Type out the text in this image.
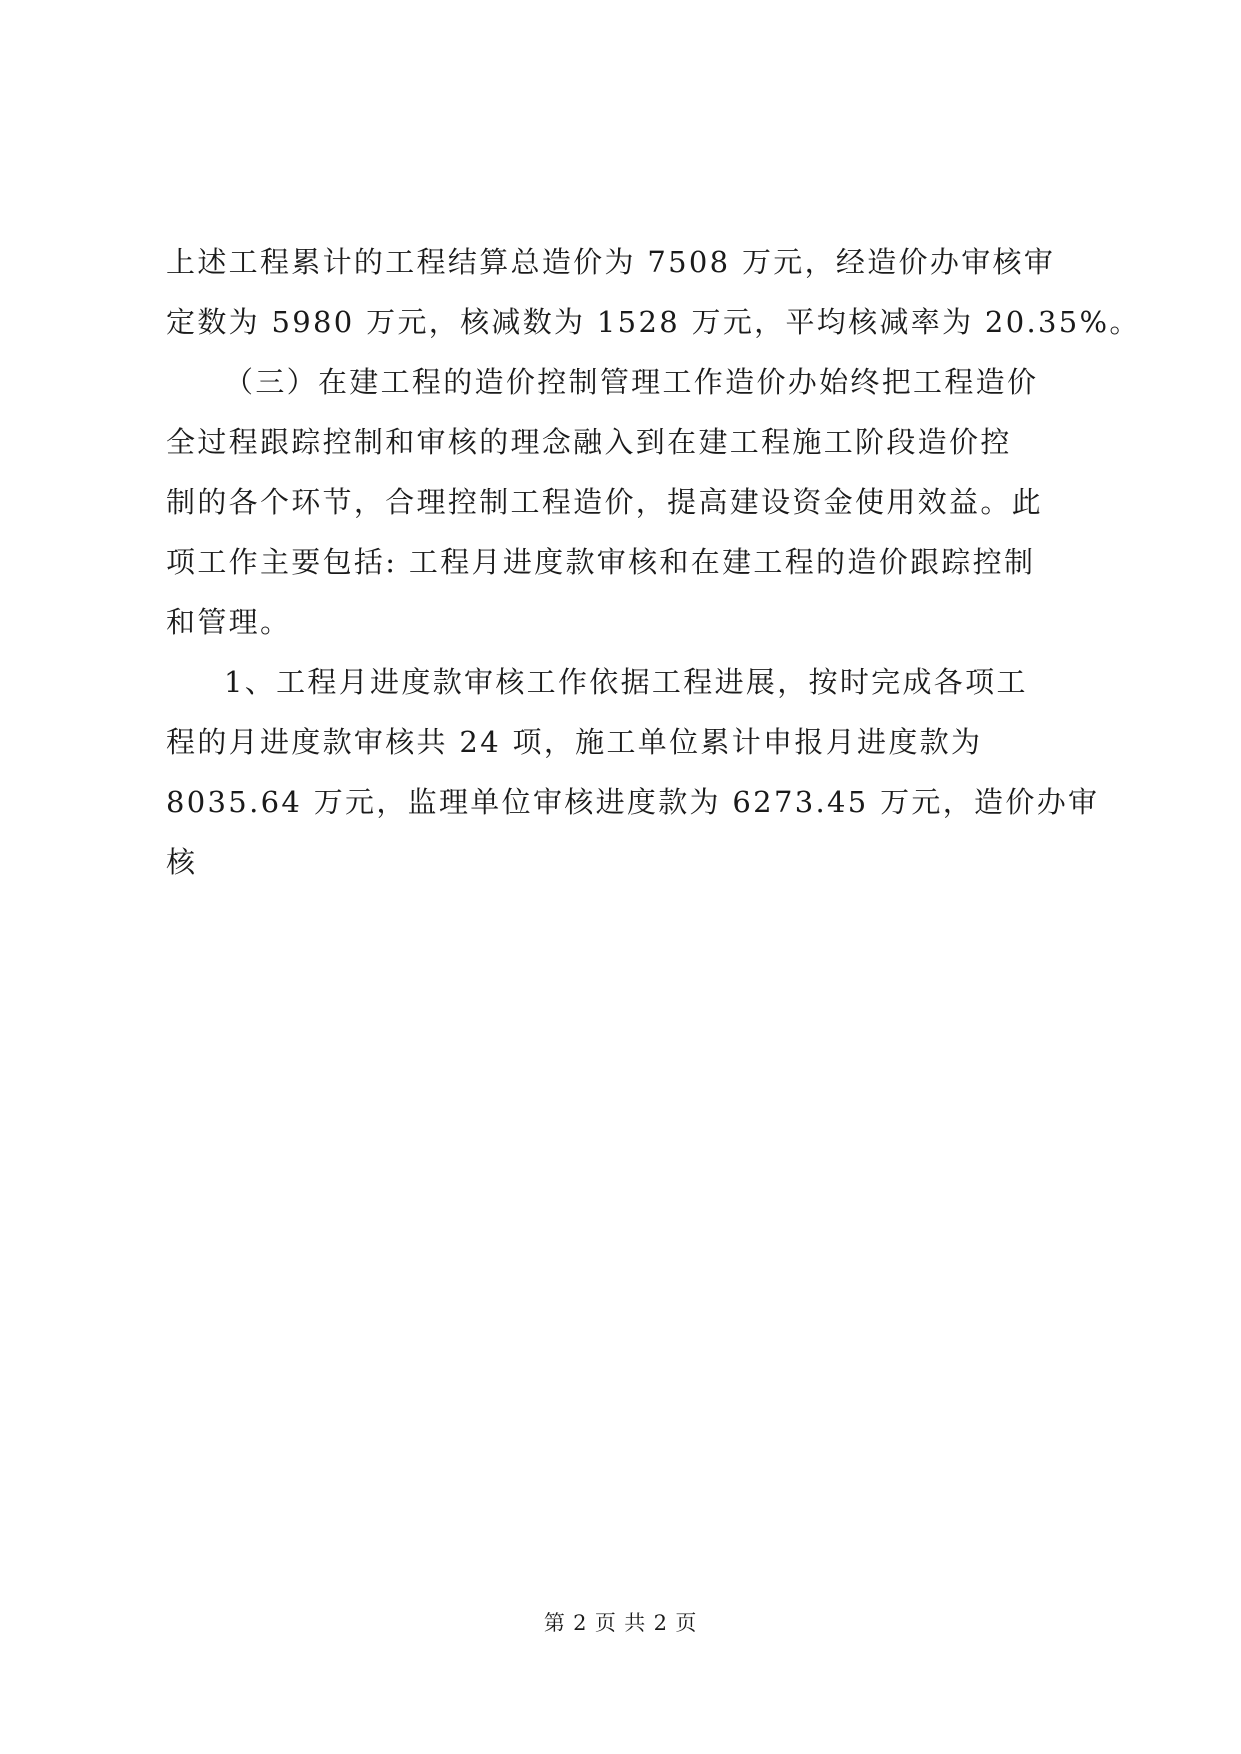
上述工程累计的工程结算总造价为 7508 万元，经造价办审核审
定数为 5980 万元，核减数为 1528 万元，平均核减率为 20.35%。
（三）在建工程的造价控制管理工作造价办始终把工程造价
全过程跟踪控制和审核的理念融入到在建工程施工阶段造价控
制的各个环节，合理控制工程造价，提高建设资金使用效益。此
项工作主要包括: 工程月进度款审核和在建工程的造价跟踪控制
和管理。
1、工程月进度款审核工作依据工程进展，按时完成各项工
程的月进度款审核共 24 项，施工单位累计申报月进度款为
8035.64 万元，监理单位审核进度款为 6273.45 万元，造价办审
核
第 2 页 共 2 页
